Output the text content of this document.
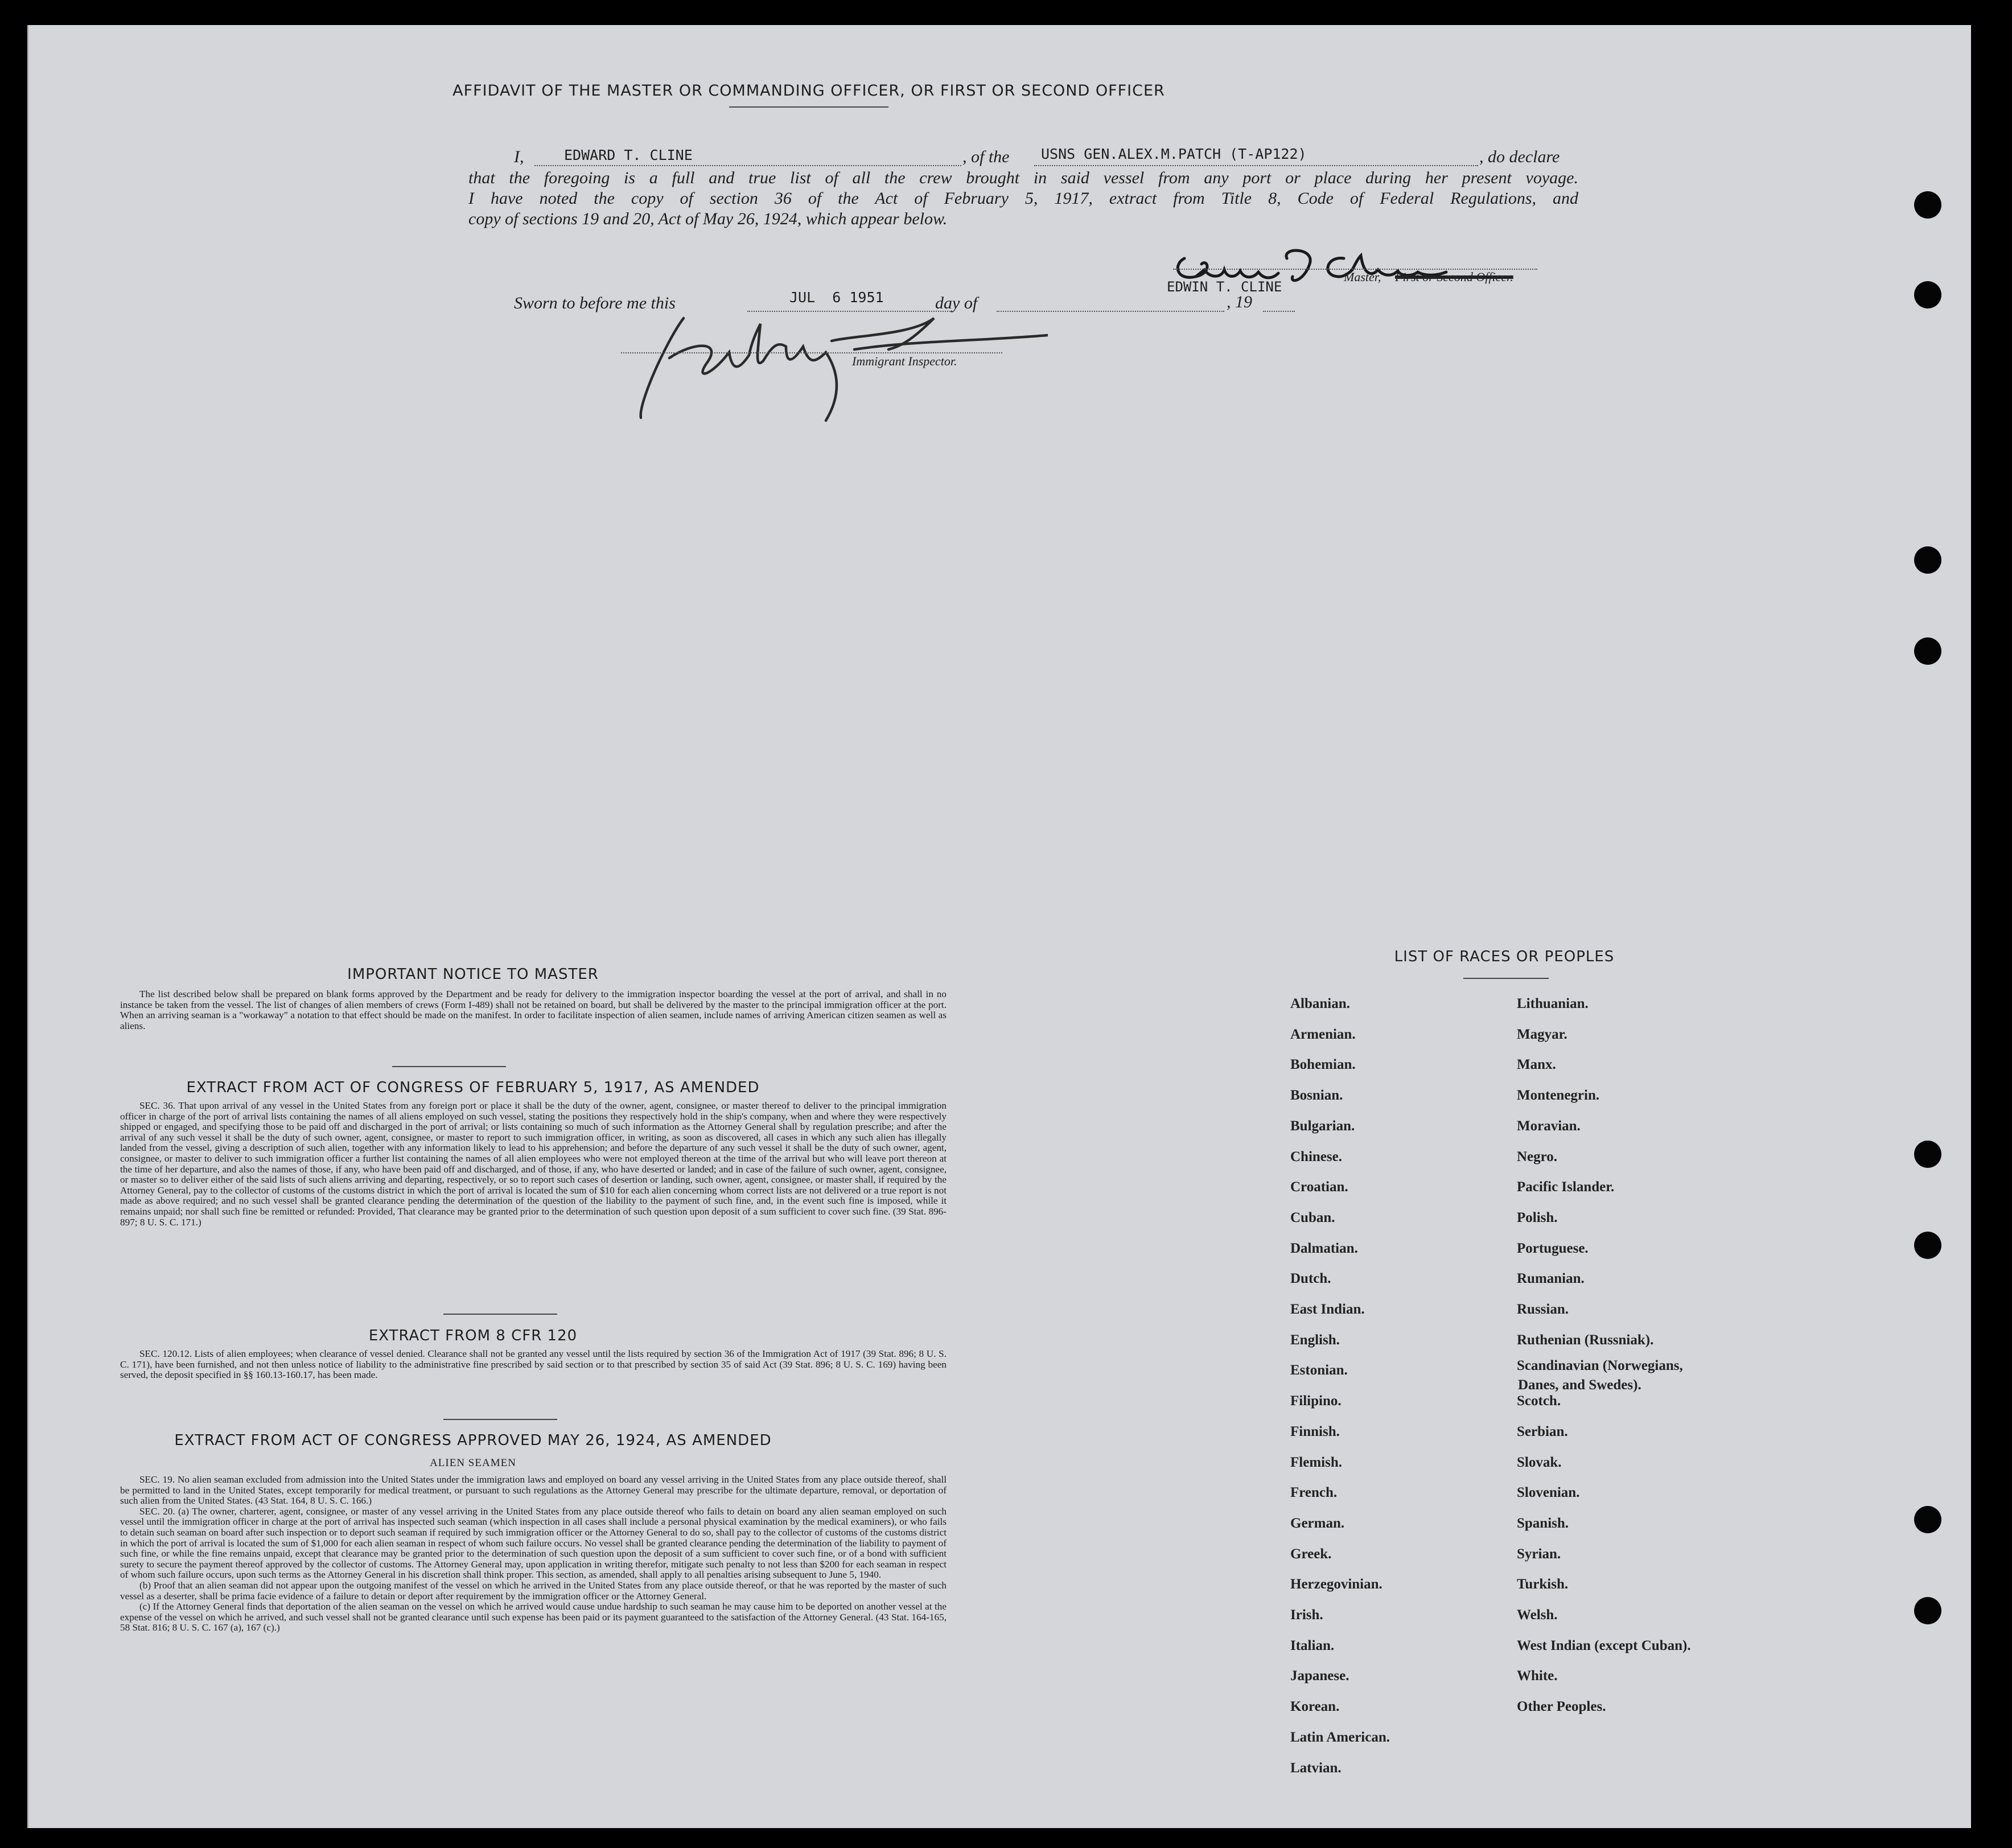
AFFIDAVIT OF THE MASTER OR COMMANDING OFFICER, OR FIRST OR SECOND OFFICER
I,	EDWARD T. CLINE	, of the USNS GEN.ALEX.M.PATCH (T-AP122)	, do declare
that the foregoing is a full and true list of all the crew brought in said vessel from any port or place during her present voyage.
I have noted the copy of section 36 of the Act of February 5, 1917, extract from Title 8, Code of Federal Regulations, and
copy of sections 19 and 20, Act of May 26, 1924, which appear below.
Master, First or Second Officer.
EDWIN T. CLINE
Sworn to before me this	JUL  6 1951	day of	, 19
Immigrant Inspector.
IMPORTANT NOTICE TO MASTER

The list described below shall be prepared on blank forms approved by the Department and be ready for delivery to the immigration inspector boarding the vessel at the port of arrival, and shall in no instance be taken from the vessel. The list of changes of alien members of crews (Form I-489) shall not be retained on board, but shall be delivered by the master to the principal immigration officer at the port. When an arriving seaman is a "workaway" a notation to that effect should be made on the manifest. In order to facilitate inspection of alien seamen, include names of arriving American citizen seamen as well as aliens.

EXTRACT FROM ACT OF CONGRESS OF FEBRUARY 5, 1917, AS AMENDED

SEC. 36. That upon arrival of any vessel in the United States from any foreign port or place it shall be the duty of the owner, agent, consignee, or master thereof to deliver to the principal immigration officer in charge of the port of arrival lists containing the names of all aliens employed on such vessel, stating the positions they respectively hold in the ship's company, when and where they were respectively shipped or engaged, and specifying those to be paid off and discharged in the port of arrival; or lists containing so much of such information as the Attorney General shall by regulation prescribe; and after the arrival of any such vessel it shall be the duty of such owner, agent, consignee, or master to report to such immigration officer, in writing, as soon as discovered, all cases in which any such alien has illegally landed from the vessel, giving a description of such alien, together with any information likely to lead to his apprehension; and before the departure of any such vessel it shall be the duty of such owner, agent, consignee, or master to deliver to such immigration officer a further list containing the names of all alien employees who were not employed thereon at the time of the arrival but who will leave port thereon at the time of her departure, and also the names of those, if any, who have been paid off and discharged, and of those, if any, who have deserted or landed; and in case of the failure of such owner, agent, consignee, or master so to deliver either of the said lists of such aliens arriving and departing, respectively, or so to report such cases of desertion or landing, such owner, agent, consignee, or master shall, if required by the Attorney General, pay to the collector of customs of the customs district in which the port of arrival is located the sum of $10 for each alien concerning whom correct lists are not delivered or a true report is not made as above required; and no such vessel shall be granted clearance pending the determination of the question of the liability to the payment of such fine, and, in the event such fine is imposed, while it remains unpaid; nor shall such fine be remitted or refunded: Provided, That clearance may be granted prior to the determination of such question upon deposit of a sum sufficient to cover such fine. (39 Stat. 896-897; 8 U. S. C. 171.)

EXTRACT FROM 8 CFR 120

SEC. 120.12. Lists of alien employees; when clearance of vessel denied. Clearance shall not be granted any vessel until the lists required by section 36 of the Immigration Act of 1917 (39 Stat. 896; 8 U. S. C. 171), have been furnished, and not then unless notice of liability to the administrative fine prescribed by said section or to that prescribed by section 35 of said Act (39 Stat. 896; 8 U. S. C. 169) having been served, the deposit specified in §§ 160.13-160.17, has been made.

EXTRACT FROM ACT OF CONGRESS APPROVED MAY 26, 1924, AS AMENDED
ALIEN SEAMEN

SEC. 19. No alien seaman excluded from admission into the United States under the immigration laws and employed on board any vessel arriving in the United States from any place outside thereof, shall be permitted to land in the United States, except temporarily for medical treatment, or pursuant to such regulations as the Attorney General may prescribe for the ultimate departure, removal, or deportation of such alien from the United States. (43 Stat. 164, 8 U. S. C. 166.)

SEC. 20. (a) The owner, charterer, agent, consignee, or master of any vessel arriving in the United States from any place outside thereof who fails to detain on board any alien seaman employed on such vessel until the immigration officer in charge at the port of arrival has inspected such seaman (which inspection in all cases shall include a personal physical examination by the medical examiners), or who fails to detain such seaman on board after such inspection or to deport such seaman if required by such immigration officer or the Attorney General to do so, shall pay to the collector of customs of the customs district in which the port of arrival is located the sum of $1,000 for each alien seaman in respect of whom such failure occurs. No vessel shall be granted clearance pending the determination of the liability to payment of such fine, or while the fine remains unpaid, except that clearance may be granted prior to the determination of such question upon the deposit of a sum sufficient to cover such fine, or of a bond with sufficient surety to secure the payment thereof approved by the collector of customs. The Attorney General may, upon application in writing therefor, mitigate such penalty to not less than $200 for each seaman in respect of whom such failure occurs, upon such terms as the Attorney General in his discretion shall think proper. This section, as amended, shall apply to all penalties arising subsequent to June 5, 1940.

(b) Proof that an alien seaman did not appear upon the outgoing manifest of the vessel on which he arrived in the United States from any place outside thereof, or that he was reported by the master of such vessel as a deserter, shall be prima facie evidence of a failure to detain or deport after requirement by the immigration officer or the Attorney General.

(c) If the Attorney General finds that deportation of the alien seaman on the vessel on which he arrived would cause undue hardship to such seaman he may cause him to be deported on another vessel at the expense of the vessel on which he arrived, and such vessel shall not be granted clearance until such expense has been paid or its payment guaranteed to the satisfaction of the Attorney General. (43 Stat. 164-165, 58 Stat. 816; 8 U. S. C. 167 (a), 167 (c).)

LIST OF RACES OR PEOPLES
Albanian.
Armenian.
Bohemian.
Bosnian.
Bulgarian.
Chinese.
Croatian.
Cuban.
Dalmatian.
Dutch.
East Indian.
English.
Estonian.
Filipino.
Finnish.
Flemish.
French.
German.
Greek.
Herzegovinian.
Irish.
Italian.
Japanese.
Korean.
Latin American.
Latvian.
Lithuanian.
Magyar.
Manx.
Montenegrin.
Moravian.
Negro.
Pacific Islander.
Polish.
Portuguese.
Rumanian.
Russian.
Ruthenian (Russniak).
Scandinavian (Norwegians,
Danes, and Swedes).
Scotch.
Serbian.
Slovak.
Slovenian.
Spanish.
Syrian.
Turkish.
Welsh.
West Indian (except Cuban).
White.
Other Peoples.
